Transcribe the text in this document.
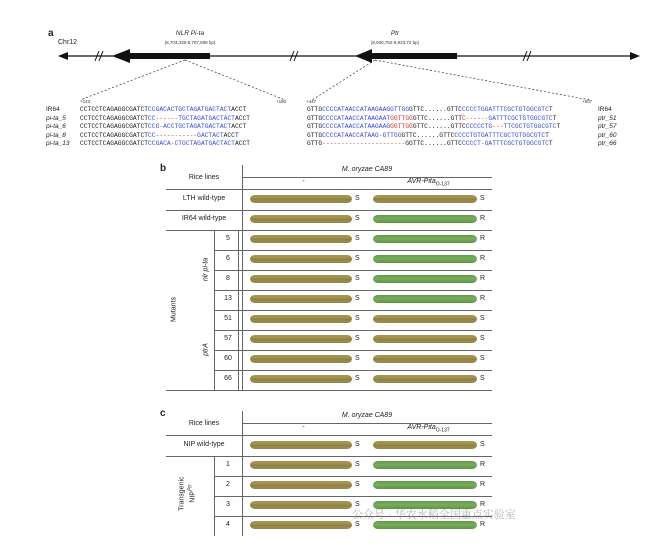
a
Chr12
NLR Pi-ta
(8,703,336-8,707,588 bp)
Ptr
(8,930,762-8,923,72 bp)
+143	+180	+447	+507
IR64	CCTCCTCAGAGGCGATCTCCGACACTGCTAGATGACTACTACCT	GTTGCCCCATAACCATAAGAAGGTTGGGTTC......GTTCCCCCTGGATTTCGCTGTGGCGTCT	IR64
pi-ta_5	CCTCCTCAGAGGCGATCTCC------TGCTAGATGACTACTACCT	GTTGCCCCATAACCATAAGAATGGTTGGGTTC......GTTC------GATTTCGCTGTGGCGTCT	ptr_51
pi-ta_6	CCTCCTCAGAGGCGATCTCCG-ACCTGCTAGATGACTACTACCT	GTTGCCCCATAACCATAAGAAGGGTTGGGTTC......GTTCCCCCCTG---TTCGCTGTGGCGTCT	ptr_57
pi-ta_8	CCTCCTCAGAGGCGATCTCC-----------GACTACTACCT	GTTGCCCCATAACCATAAG-GTTGGGTTC......GTTCCCCCTGTGATTTCGCTGTGGCGTCT	ptr_60
pi-ta_13	CCTCCTCAGAGGCGATCTCCGACA-CTGCTAGATGACTACTACCT	GTTG----------------------GGTTC......GTTCCCCCT-GATTTCGCTGTGGCGTCT	ptr_66
b
Rice lines
M. oryzae CA89
-	AVR-Pita$_{O-137}$
LTH wild-type	S	S
IR64 wild-type	S	R
5	S	R
6	S	R
8	S	R
13	S	R
nlr pi-ta
51	S	S
57	S	S
60	S	S
66	S	S
ptrA
Mutants
c
Rice lines
M. oryzae CA89
-	AVR-Pita$_{O-137}$
NIP wild-type	S	S
1	S	R
2	S	R
3	S	R
4	S	R
Transgenic $NIP^{Ptr}$
公众号 · 华农水稻全国重点实验室
